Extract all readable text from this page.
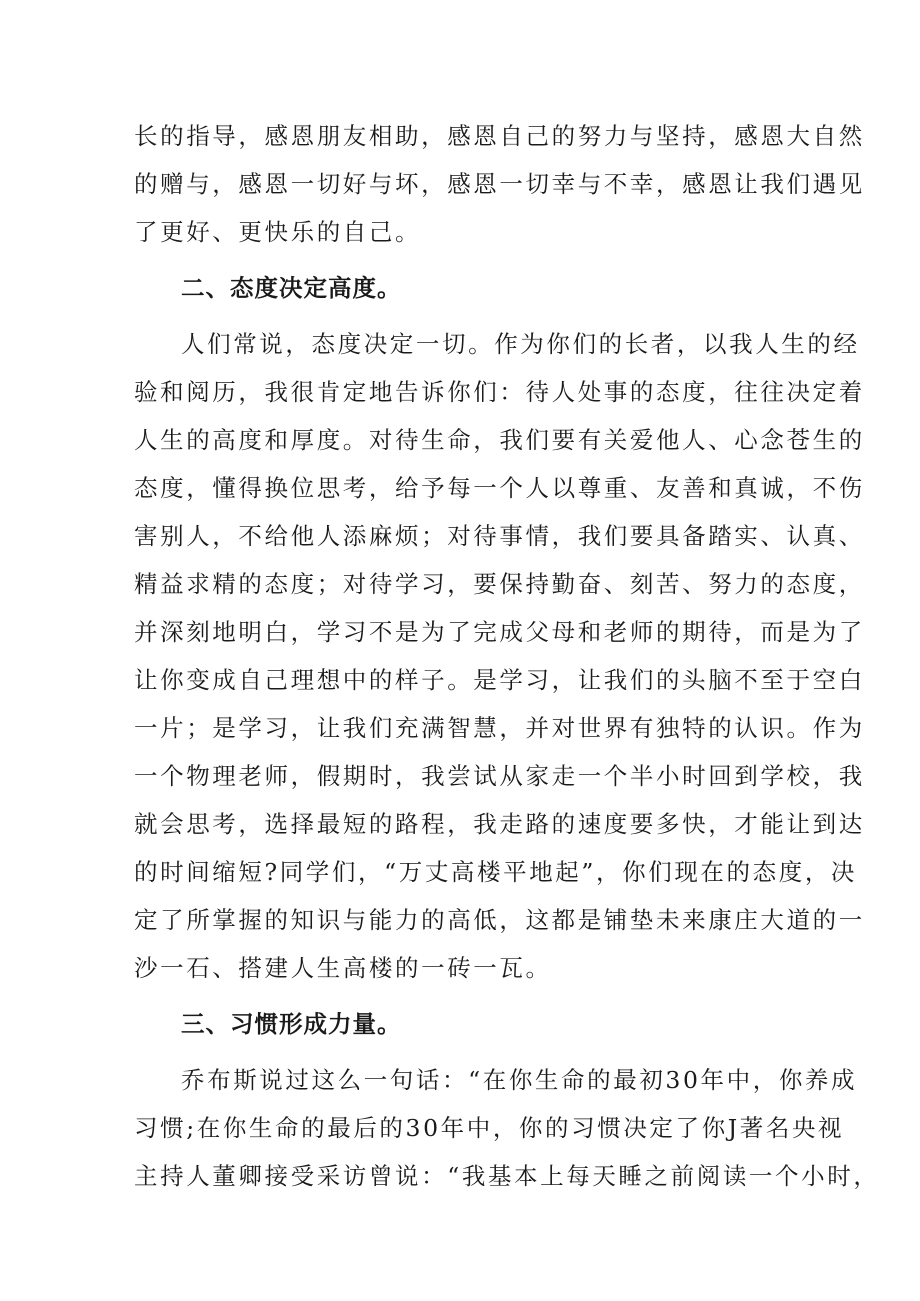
长的指导，感恩朋友相助，感恩自己的努力与坚持，感恩大自然
的赠与，感恩一切好与坏，感恩一切幸与不幸，感恩让我们遇见
了更好、更快乐的自己。
二、态度决定高度。
人们常说，态度决定一切。作为你们的长者，以我人生的经
验和阅历，我很肯定地告诉你们：待人处事的态度，往往决定着
人生的高度和厚度。对待生命，我们要有关爱他人、心念苍生的
态度，懂得换位思考，给予每一个人以尊重、友善和真诚，不伤
害别人，不给他人添麻烦；对待事情，我们要具备踏实、认真、
精益求精的态度；对待学习，要保持勤奋、刻苦、努力的态度，
并深刻地明白，学习不是为了完成父母和老师的期待，而是为了
让你变成自己理想中的样子。是学习，让我们的头脑不至于空白
一片；是学习，让我们充满智慧，并对世界有独特的认识。作为
一个物理老师，假期时，我尝试从家走一个半小时回到学校，我
就会思考，选择最短的路程，我走路的速度要多快，才能让到达
的时间缩短?同学们，“万丈高楼平地起”，你们现在的态度，决
定了所掌握的知识与能力的高低，这都是铺垫未来康庄大道的一
沙一石、搭建人生高楼的一砖一瓦。
三、习惯形成力量。
乔布斯说过这么一句话：“在你生命的最初30年中，你养成
习惯;在你生命的最后的30年中，你的习惯决定了你J著名央视
主持人董卿接受采访曾说：“我基本上每天睡之前阅读一个小时，
